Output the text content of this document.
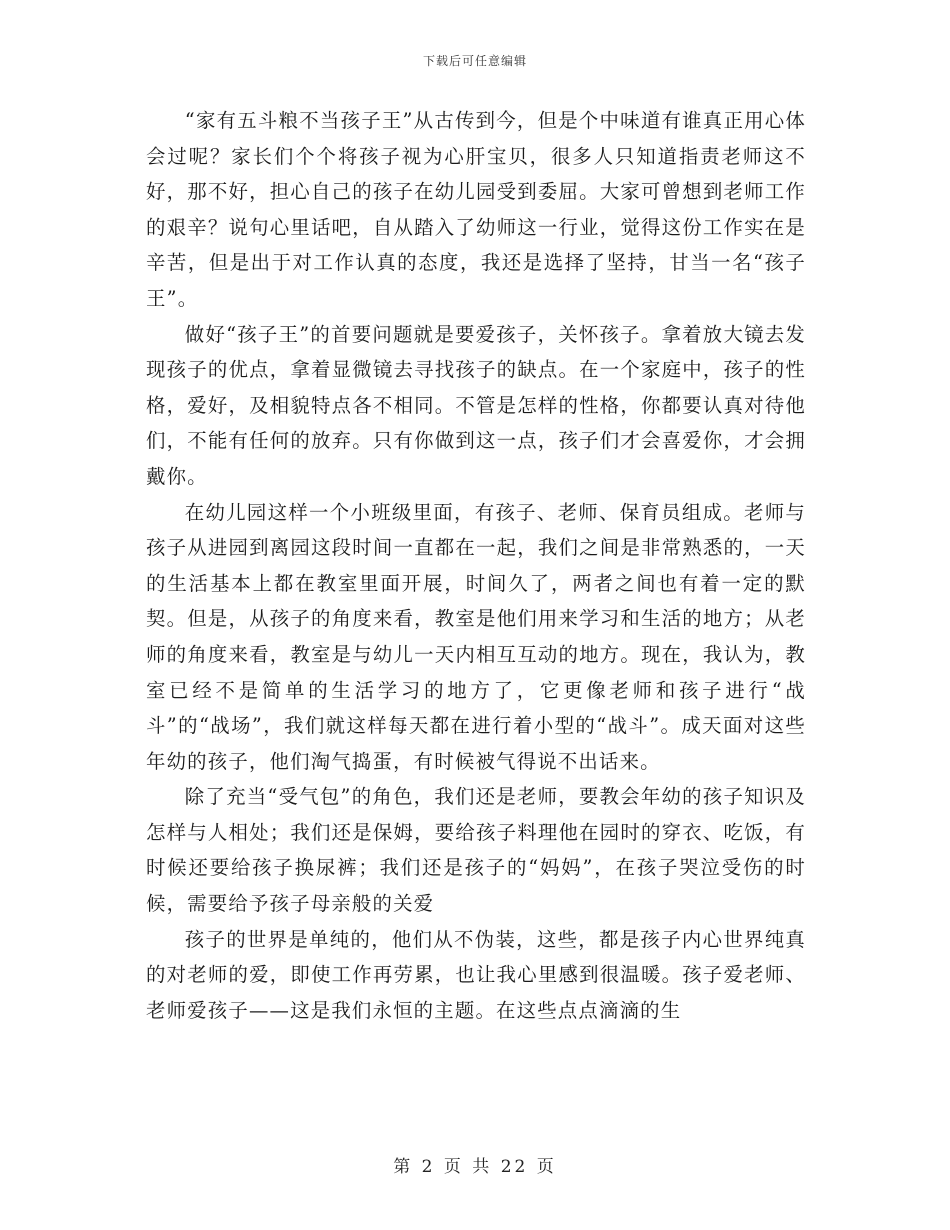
下载后可任意编辑

“家有五斗粮不当孩子王”从古传到今，但是个中味道有谁真正用心体会过呢？家长们个个将孩子视为心肝宝贝，很多人只知道指责老师这不好，那不好，担心自己的孩子在幼儿园受到委屈。大家可曾想到老师工作的艰辛？说句心里话吧，自从踏入了幼师这一行业，觉得这份工作实在是辛苦，但是出于对工作认真的态度，我还是选择了坚持，甘当一名“孩子王”。

做好“孩子王”的首要问题就是要爱孩子，关怀孩子。拿着放大镜去发现孩子的优点，拿着显微镜去寻找孩子的缺点。在一个家庭中，孩子的性格，爱好，及相貌特点各不相同。不管是怎样的性格，你都要认真对待他们，不能有任何的放弃。只有你做到这一点，孩子们才会喜爱你，才会拥戴你。

在幼儿园这样一个小班级里面，有孩子、老师、保育员组成。老师与孩子从进园到离园这段时间一直都在一起，我们之间是非常熟悉的，一天的生活基本上都在教室里面开展，时间久了，两者之间也有着一定的默契。但是，从孩子的角度来看，教室是他们用来学习和生活的地方；从老师的角度来看，教室是与幼儿一天内相互互动的地方。现在，我认为，教室已经不是简单的生活学习的地方了，它更像老师和孩子进行“战斗”的“战场”，我们就这样每天都在进行着小型的“战斗”。成天面对这些年幼的孩子，他们淘气捣蛋，有时候被气得说不出话来。

除了充当“受气包”的角色，我们还是老师，要教会年幼的孩子知识及怎样与人相处；我们还是保姆，要给孩子料理他在园时的穿衣、吃饭，有时候还要给孩子换尿裤；我们还是孩子的“妈妈”，在孩子哭泣受伤的时候，需要给予孩子母亲般的关爱

孩子的世界是单纯的，他们从不伪装，这些，都是孩子内心世界纯真的对老师的爱，即使工作再劳累，也让我心里感到很温暖。孩子爱老师、老师爱孩子——这是我们永恒的主题。在这些点点滴滴的生

第 2 页 共 22 页
